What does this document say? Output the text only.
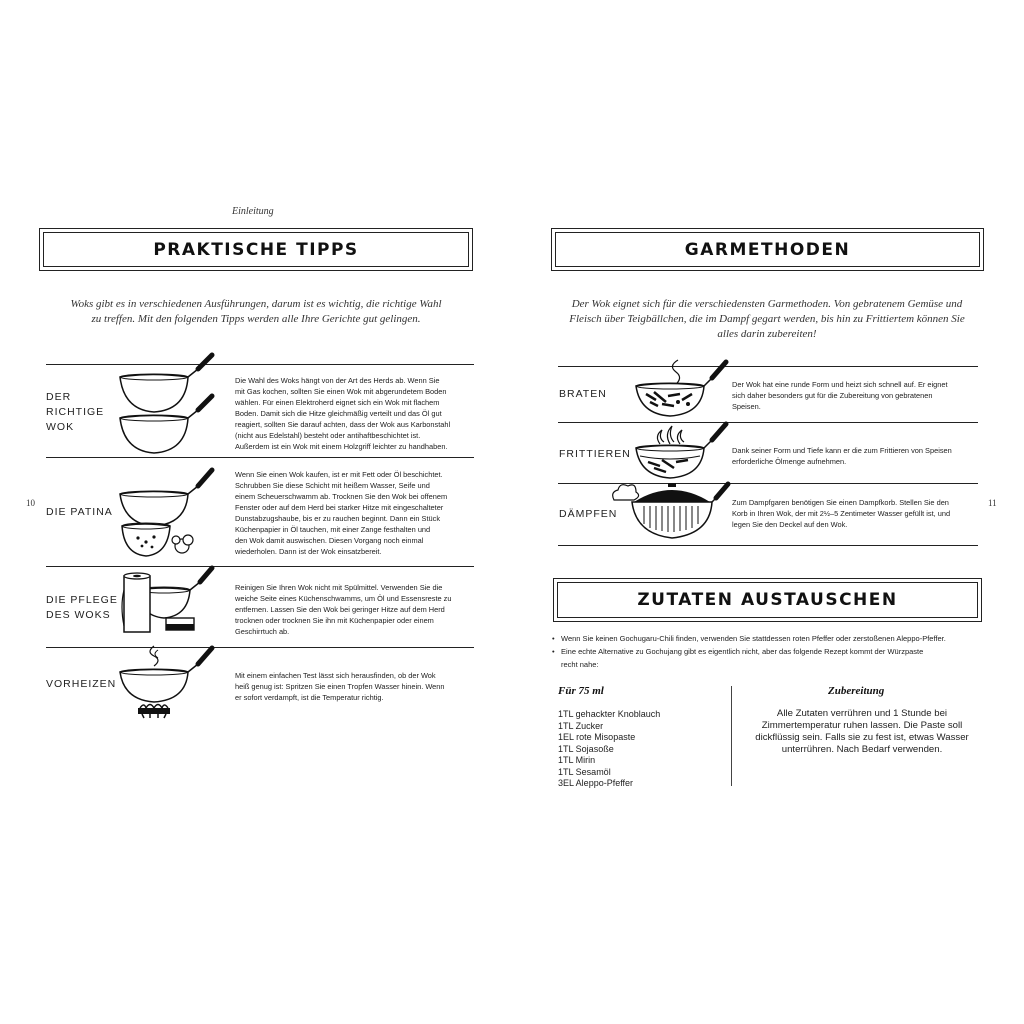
Einleitung
PRAKTISCHE TIPPS
Woks gibt es in verschiedenen Ausführungen, darum ist es wichtig, die richtige Wahl
zu treffen. Mit den folgenden Tipps werden alle Ihre Gerichte gut gelingen.
DER
RICHTIGE
WOK
Die Wahl des Woks hängt von der Art des Herds ab. Wenn Sie
mit Gas kochen, sollten Sie einen Wok mit abgerundetem Boden
wählen. Für einen Elektroherd eignet sich ein Wok mit flachem
Boden. Damit sich die Hitze gleichmäßig verteilt und das Öl gut
reagiert, sollten Sie darauf achten, dass der Wok aus Karbonstahl
(nicht aus Edelstahl) besteht oder antihaftbeschichtet ist.
Außerdem ist ein Wok mit einem Holzgriff leichter zu handhaben.
DIE PATINA
Wenn Sie einen Wok kaufen, ist er mit Fett oder Öl beschichtet.
Schrubben Sie diese Schicht mit heißem Wasser, Seife und
einem Scheuerschwamm ab. Trocknen Sie den Wok bei offenem
Fenster oder auf dem Herd bei starker Hitze mit eingeschalteter
Dunstabzugshaube, bis er zu rauchen beginnt. Dann ein Stück
Küchenpapier in Öl tauchen, mit einer Zange festhalten und
den Wok damit auswischen. Diesen Vorgang noch einmal
wiederholen. Dann ist der Wok einsatzbereit.
DIE PFLEGE
DES WOKS
Reinigen Sie Ihren Wok nicht mit Spülmittel. Verwenden Sie die
weiche Seite eines Küchenschwamms, um Öl und Essensreste zu
entfernen. Lassen Sie den Wok bei geringer Hitze auf dem Herd
trocknen oder trocknen Sie ihn mit Küchenpapier oder einem
Geschirrtuch ab.
VORHEIZEN
Mit einem einfachen Test lässt sich herausfinden, ob der Wok
heiß genug ist: Spritzen Sie einen Tropfen Wasser hinein. Wenn
er sofort verdampft, ist die Temperatur richtig.
10
GARMETHODEN
Der Wok eignet sich für die verschiedensten Garmethoden. Von gebratenem Gemüse und
Fleisch über Teigbällchen, die im Dampf gegart werden, bis hin zu Frittiertem können Sie
alles darin zubereiten!
BRATEN
Der Wok hat eine runde Form und heizt sich schnell auf. Er eignet
sich daher besonders gut für die Zubereitung von gebratenen
Speisen.
FRITTIEREN	Dank seiner Form und Tiefe kann er die zum Frittieren von Speisen
erforderliche Ölmenge aufnehmen.
DÄMPFEN
Zum Dampfgaren benötigen Sie einen Dampfkorb. Stellen Sie den
Korb in Ihren Wok, der mit 2½–5 Zentimeter Wasser gefüllt ist, und
legen Sie den Deckel auf den Wok.
11
ZUTATEN AUSTAUSCHEN
• Wenn Sie keinen Gochugaru-Chili finden, verwenden Sie stattdessen roten Pfeffer oder zerstoßenen Aleppo-Pfeffer.
• Eine echte Alternative zu Gochujang gibt es eigentlich nicht, aber das folgende Rezept kommt der Würzpaste
recht nahe:
Für 75 ml
1TL gehackter Knoblauch
1TL Zucker
1EL rote Misopaste
1TL Sojasoße
1TL Mirin
1TL Sesamöl
3EL Aleppo-Pfeffer
Zubereitung
Alle Zutaten verrühren und 1 Stunde bei
Zimmertemperatur ruhen lassen. Die Paste soll
dickflüssig sein. Falls sie zu fest ist, etwas Wasser
unterrühren. Nach Bedarf verwenden.
